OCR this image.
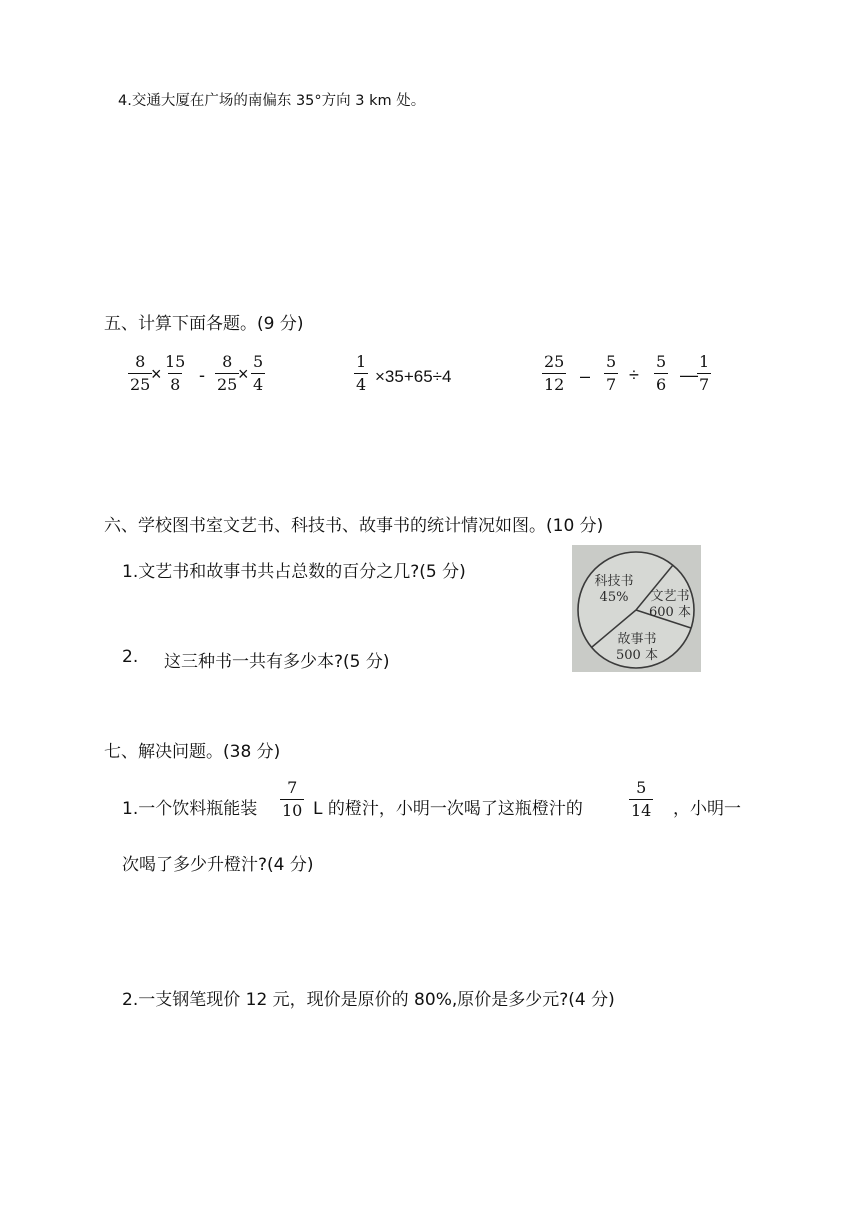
4.交通大厦在广场的南偏东 35°方向 3 km 处。
五、计算下面各题。(9 分)
$\frac{8}{25}$
× $\frac{15}{8} - \frac{8}{25}$
× $\frac{5}{4}$	$\frac{1}{4} \times 35+65\div 4$	$\frac{25}{12} - \frac{5}{7} \div \frac{5}{6}$ — $\frac{1}{7}$
六、学校图书室文艺书、科技书、故事书的统计情况如图。(10 分)
1.文艺书和故事书共占总数的百分之几?(5 分)
2. 这三种书一共有多少本?(5 分)
科技书
45%	文艺书
600 本
故事书
500 本
七、解决问题。(38 分)
1.一个饮料瓶能装 $\frac{7}{10}$ L 的橙汁，小明一次喝了这瓶橙汁的	$\frac{5}{14}$ ，小明一
次喝了多少升橙汁?(4 分)
2.一支钢笔现价 12 元，现价是原价的 80%,原价是多少元?(4 分)
